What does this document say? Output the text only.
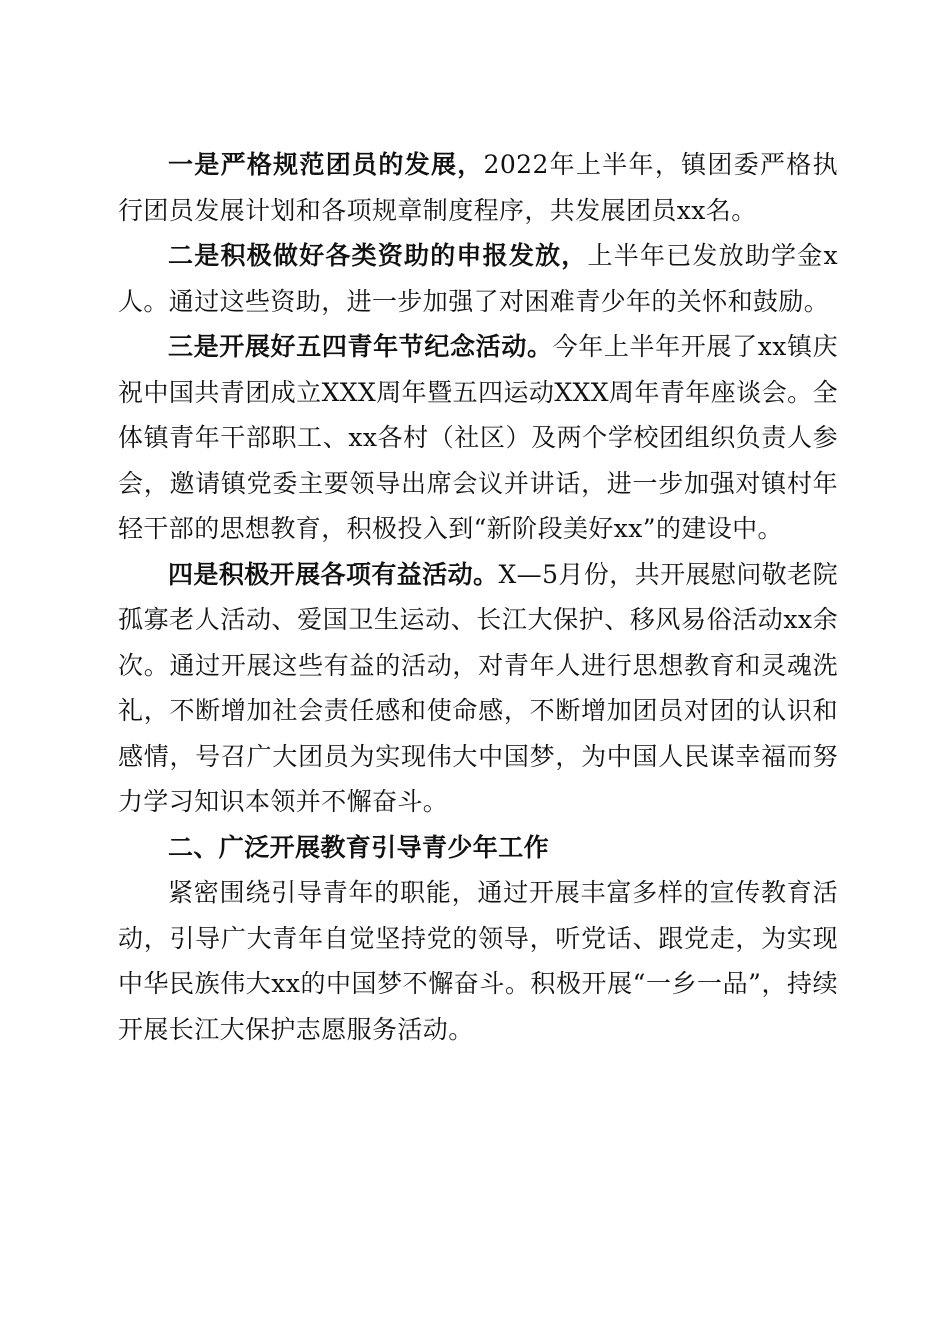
一是严格规范团员的发展，2022年上半年，镇团委严格执行团员发展计划和各项规章制度程序，共发展团员xx名。

二是积极做好各类资助的申报发放，上半年已发放助学金x人。通过这些资助，进一步加强了对困难青少年的关怀和鼓励。

三是开展好五四青年节纪念活动。今年上半年开展了xx镇庆祝中国共青团成立XXX周年暨五四运动XXX周年青年座谈会。全体镇青年干部职工、xx各村（社区）及两个学校团组织负责人参会，邀请镇党委主要领导出席会议并讲话，进一步加强对镇村年轻干部的思想教育，积极投入到“新阶段美好xx”的建设中。

四是积极开展各项有益活动。X—5月份，共开展慰问敬老院孤寡老人活动、爱国卫生运动、长江大保护、移风易俗活动xx余次。通过开展这些有益的活动，对青年人进行思想教育和灵魂洗礼，不断增加社会责任感和使命感，不断增加团员对团的认识和感情，号召广大团员为实现伟大中国梦，为中国人民谋幸福而努力学习知识本领并不懈奋斗。

二、广泛开展教育引导青少年工作

紧密围绕引导青年的职能，通过开展丰富多样的宣传教育活动，引导广大青年自觉坚持党的领导，听党话、跟党走，为实现中华民族伟大xx的中国梦不懈奋斗。积极开展“一乡一品”，持续开展长江大保护志愿服务活动。
